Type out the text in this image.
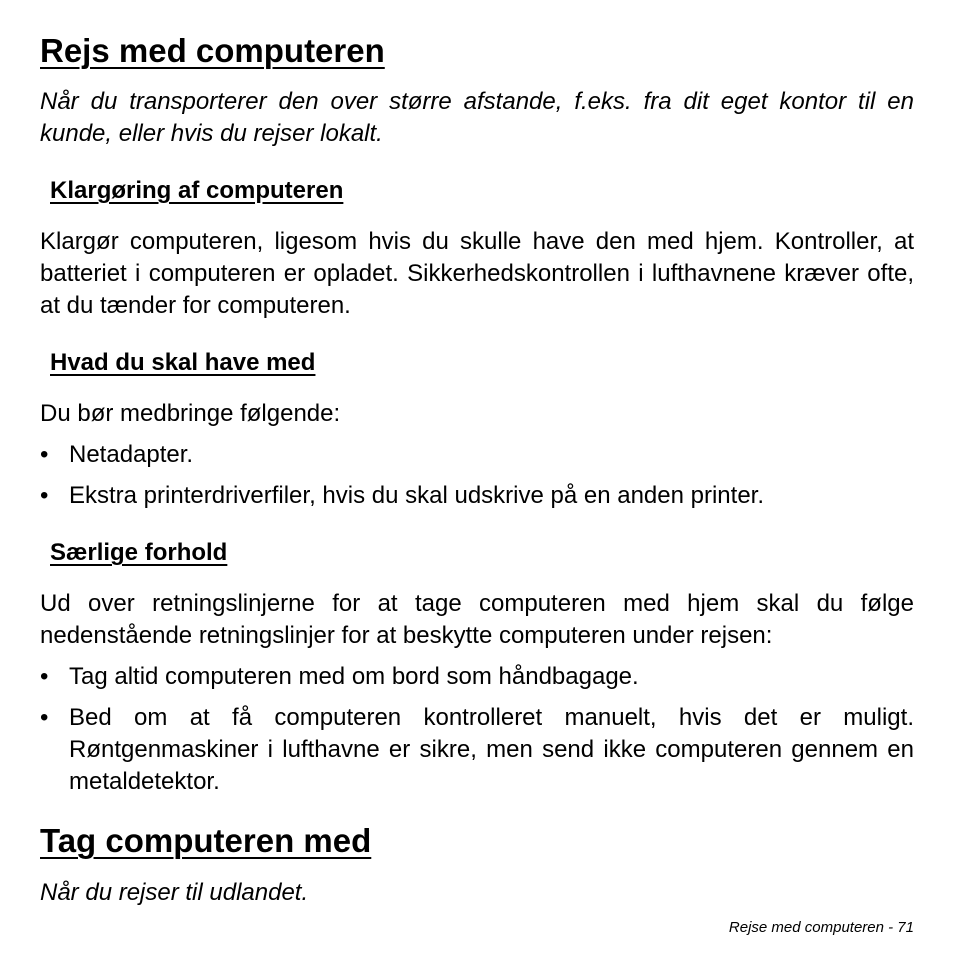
Rejs med computeren
Når du transporterer den over større afstande, f.eks. fra dit eget kontor til en kunde, eller hvis du rejser lokalt.
Klargøring af computeren
Klargør computeren, ligesom hvis du skulle have den med hjem. Kontroller, at batteriet i computeren er opladet. Sikkerhedskontrollen i lufthavnene kræver ofte, at du tænder for computeren.
Hvad du skal have med
Du bør medbringe følgende:
• Netadapter.
• Ekstra printerdriverfiler, hvis du skal udskrive på en anden printer.
Særlige forhold
Ud over retningslinjerne for at tage computeren med hjem skal du følge nedenstående retningslinjer for at beskytte computeren under rejsen:
• Tag altid computeren med om bord som håndbagage.
• Bed om at få computeren kontrolleret manuelt, hvis det er muligt. Røntgenmaskiner i lufthavne er sikre, men send ikke computeren gennem en metaldetektor.
Tag computeren med
Når du rejser til udlandet.
Rejse med computeren - 71
